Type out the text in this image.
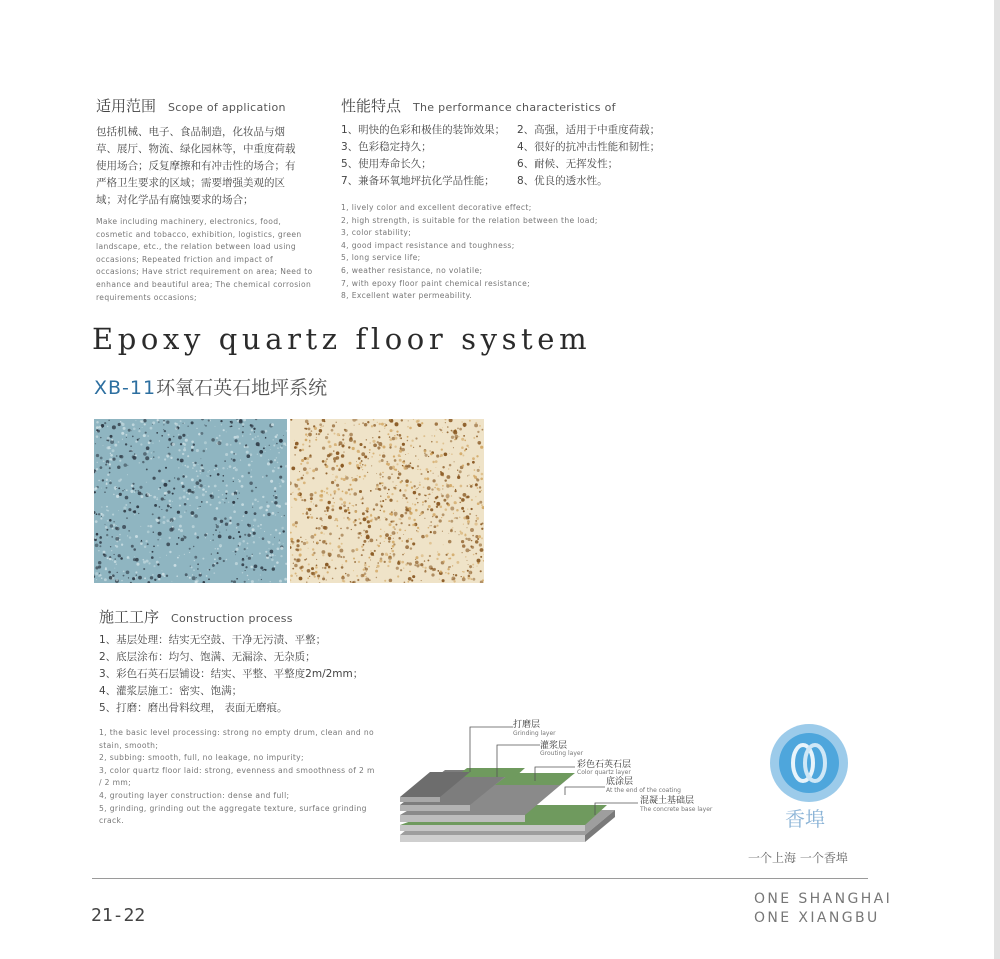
适用范围 Scope of application
包括机械、电子、食品制造，化妆品与烟
草、展厅、物流、绿化园林等，中重度荷载
使用场合；反复摩擦和有冲击性的场合；有
严格卫生要求的区域；需要增强美观的区
域；对化学品有腐蚀要求的场合；
Make including machinery, electronics, food,
cosmetic and tobacco, exhibition, logistics, green
landscape, etc., the relation between load using
occasions; Repeated friction and impact of
occasions; Have strict requirement on area; Need to
enhance and beautiful area; The chemical corrosion
requirements occasions;
性能特点 The performance characteristics of
1、明快的色彩和极佳的装饰效果；	2、高强，适用于中重度荷载；
3、色彩稳定持久；	4、很好的抗冲击性能和韧性；
5、使用寿命长久；	6、耐候、无挥发性；
7、兼备环氧地坪抗化学品性能；	8、优良的透水性。
1, lively color and excellent decorative effect;
2, high strength, is suitable for the relation between the load;
3, color stability;
4, good impact resistance and toughness;
5, long service life;
6, weather resistance, no volatile;
7, with epoxy floor paint chemical resistance;
8, Excellent water permeability.
Epoxy quartz floor system
XB-11环氧石英石地坪系统
施工工序 Construction process
1、基层处理：结实无空鼓、干净无污渍、平整；
2、底层涂布：均匀、饱满、无漏涂、无杂质；
3、彩色石英石层铺设：结实、平整、平整度2m/2mm；
4、灌浆层施工：密实、饱满；
5、打磨：磨出骨料纹理， 表面无磨痕。
1, the basic level processing: strong no empty drum, clean and no
stain, smooth;
2, subbing: smooth, full, no leakage, no impurity;
3, color quartz floor laid: strong, evenness and smoothness of 2 m
/ 2 mm;
4, grouting layer construction: dense and full;
5, grinding, grinding out the aggregate texture, surface grinding
crack.
打磨层
Grinding layer
灌浆层
Grouting layer
彩色石英石层
Color quartz layer
底涂层
At the end of the coating
混凝土基础层
The concrete base layer	香埠
一个上海 一个香埠
21-22
ONE SHANGHAI
ONE XIANGBU
